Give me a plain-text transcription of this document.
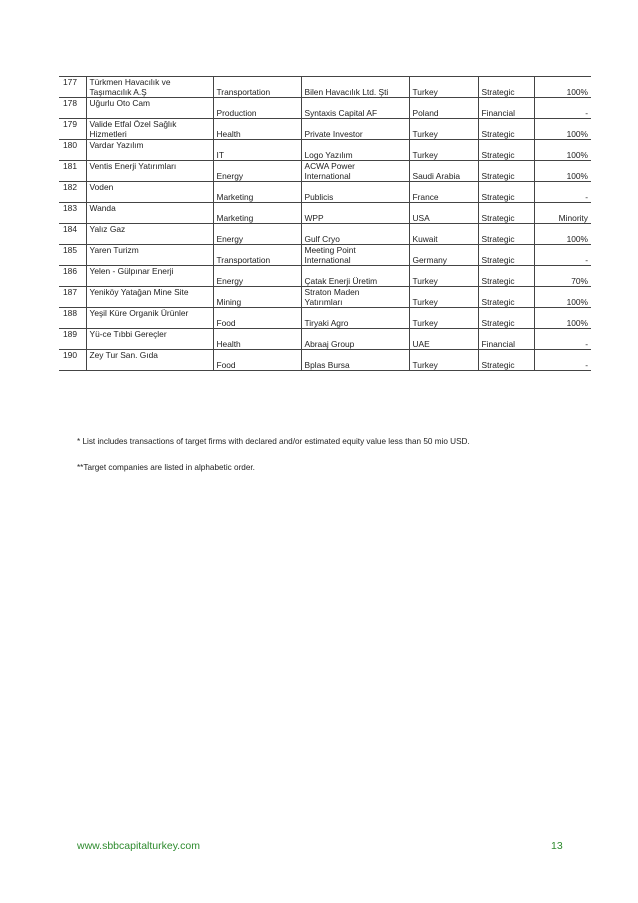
177	Türkmen Havacılık ve
Taşımacılık A.Ş	Transportation	Bilen Havacılık Ltd. Şti	Turkey	Strategic	100%
178	Uğurlu Oto Cam	Production	Syntaxis Capital AF	Poland	Financial	-
179	Valide Etfal Özel Sağlık
Hizmetleri	Health	Private Investor	Turkey	Strategic	100%
180	Vardar Yazılım	IT	Logo Yazılım	Turkey	Strategic	100%
181	Ventis Enerji Yatırımları	Energy	ACWA Power
International	Saudi Arabia	Strategic	100%
182	Voden	Marketing	Publicis	France	Strategic	-
183	Wanda	Marketing	WPP	USA	Strategic	Minority
184	Yalız Gaz	Energy	Gulf Cryo	Kuwait	Strategic	100%
185	Yaren Turizm	Transportation	Meeting Point
International	Germany	Strategic	-
186	Yelen - Gülpınar Enerji	Energy	Çatak Enerji Üretim	Turkey	Strategic	70%
187	Yeniköy Yatağan Mine Site	Mining	Straton Maden
Yatırımları	Turkey	Strategic	100%
188	Yeşil Küre Organik Ürünler	Food	Tiryaki Agro	Turkey	Strategic	100%
189	Yü-ce Tıbbi Gereçler	Health	Abraaj Group	UAE	Financial	-
190	Zey Tur San. Gıda	Food	Bplas Bursa	Turkey	Strategic	-

* List includes transactions of target firms with declared and/or estimated equity value less than 50 mio USD.

**Target companies are listed in alphabetic order.

www.sbbcapitalturkey.com	13
